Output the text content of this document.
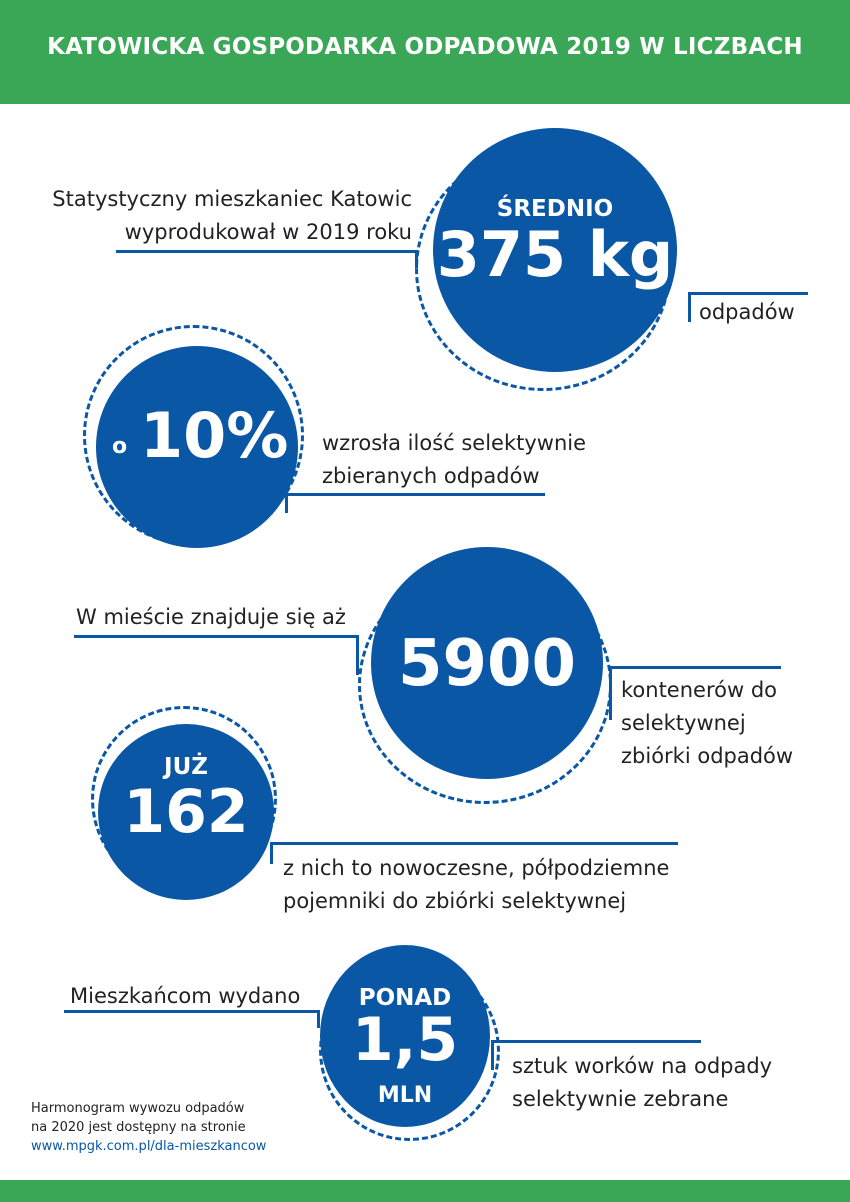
KATOWICKA GOSPODARKA ODPADOWA 2019 W LICZBACH
Statystyczny mieszkaniec Katowic
wyprodukował w 2019 roku
ŚREDNIO
375 kg
odpadów
o 10% wzrosła ilość selektywnie
zbieranych odpadów
W mieście znajduje się aż
5900	kontenerów do
selektywnej
zbiórki odpadów
JUŻ
162
z nich to nowoczesne, półpodziemne
pojemniki do zbiórki selektywnej
Mieszkańcom wydano	PONAD
1,5
MLN
sztuk worków na odpady
selektywnie zebrane
Harmonogram wywozu odpadów
na 2020 jest dostępny na stronie
www.mpgk.com.pl/dla-mieszkancow
